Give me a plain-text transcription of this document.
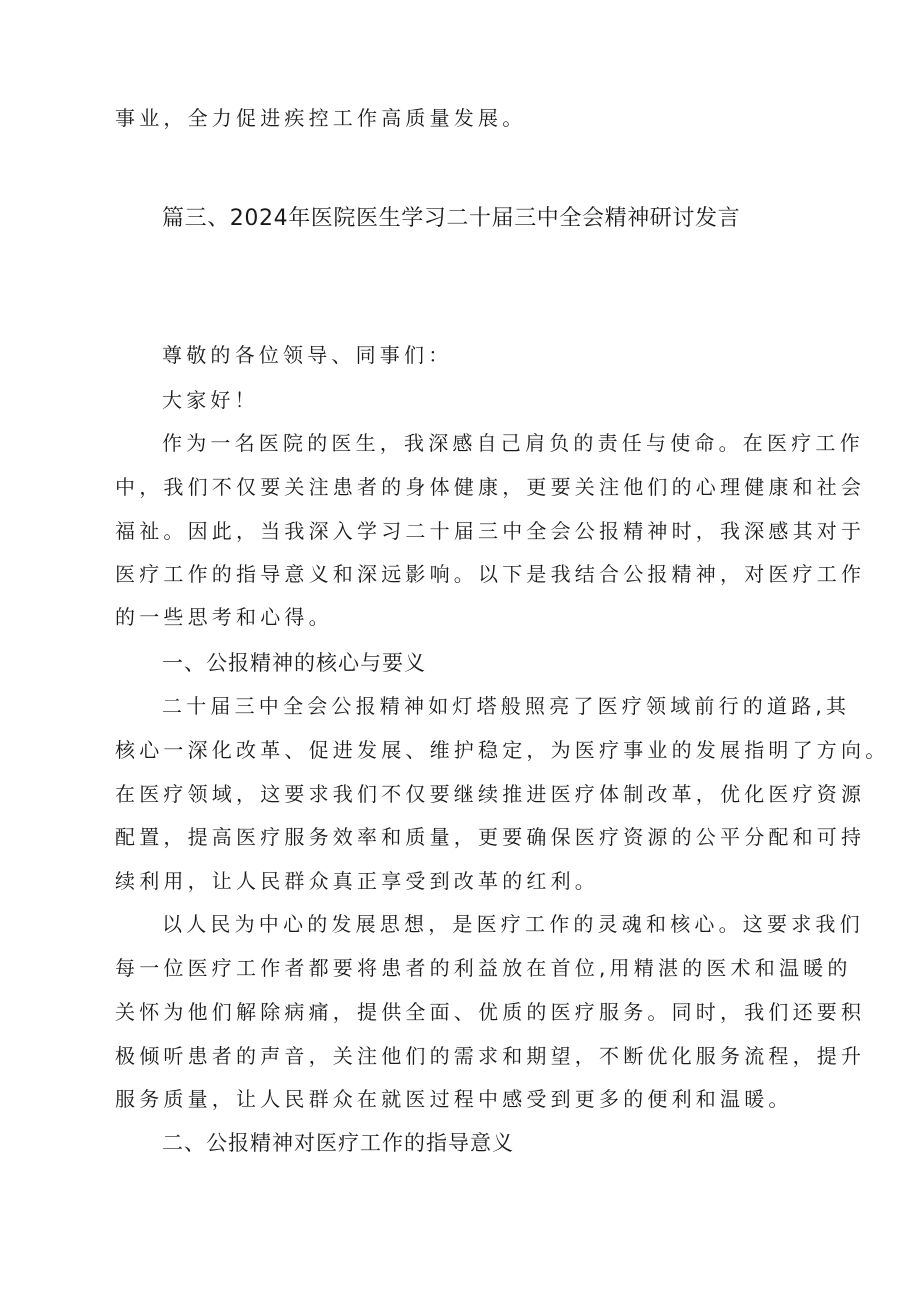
事业，全力促进疾控工作高质量发展。
篇三、2024年医院医生学习二十届三中全会精神研讨发言
尊敬的各位领导、同事们：
大家好！
作为一名医院的医生，我深感自己肩负的责任与使命。在医疗工作
中，我们不仅要关注患者的身体健康，更要关注他们的心理健康和社会
福祉。因此，当我深入学习二十届三中全会公报精神时，我深感其对于
医疗工作的指导意义和深远影响。以下是我结合公报精神，对医疗工作
的一些思考和心得。
一、公报精神的核心与要义
二十届三中全会公报精神如灯塔般照亮了医疗领域前行的道路,其
核心一深化改革、促进发展、维护稳定，为医疗事业的发展指明了方向。
在医疗领域，这要求我们不仅要继续推进医疗体制改革，优化医疗资源
配置，提高医疗服务效率和质量，更要确保医疗资源的公平分配和可持
续利用，让人民群众真正享受到改革的红利。
以人民为中心的发展思想，是医疗工作的灵魂和核心。这要求我们
每一位医疗工作者都要将患者的利益放在首位,用精湛的医术和温暖的
关怀为他们解除病痛，提供全面、优质的医疗服务。同时，我们还要积
极倾听患者的声音，关注他们的需求和期望，不断优化服务流程，提升
服务质量，让人民群众在就医过程中感受到更多的便利和温暖。
二、公报精神对医疗工作的指导意义
